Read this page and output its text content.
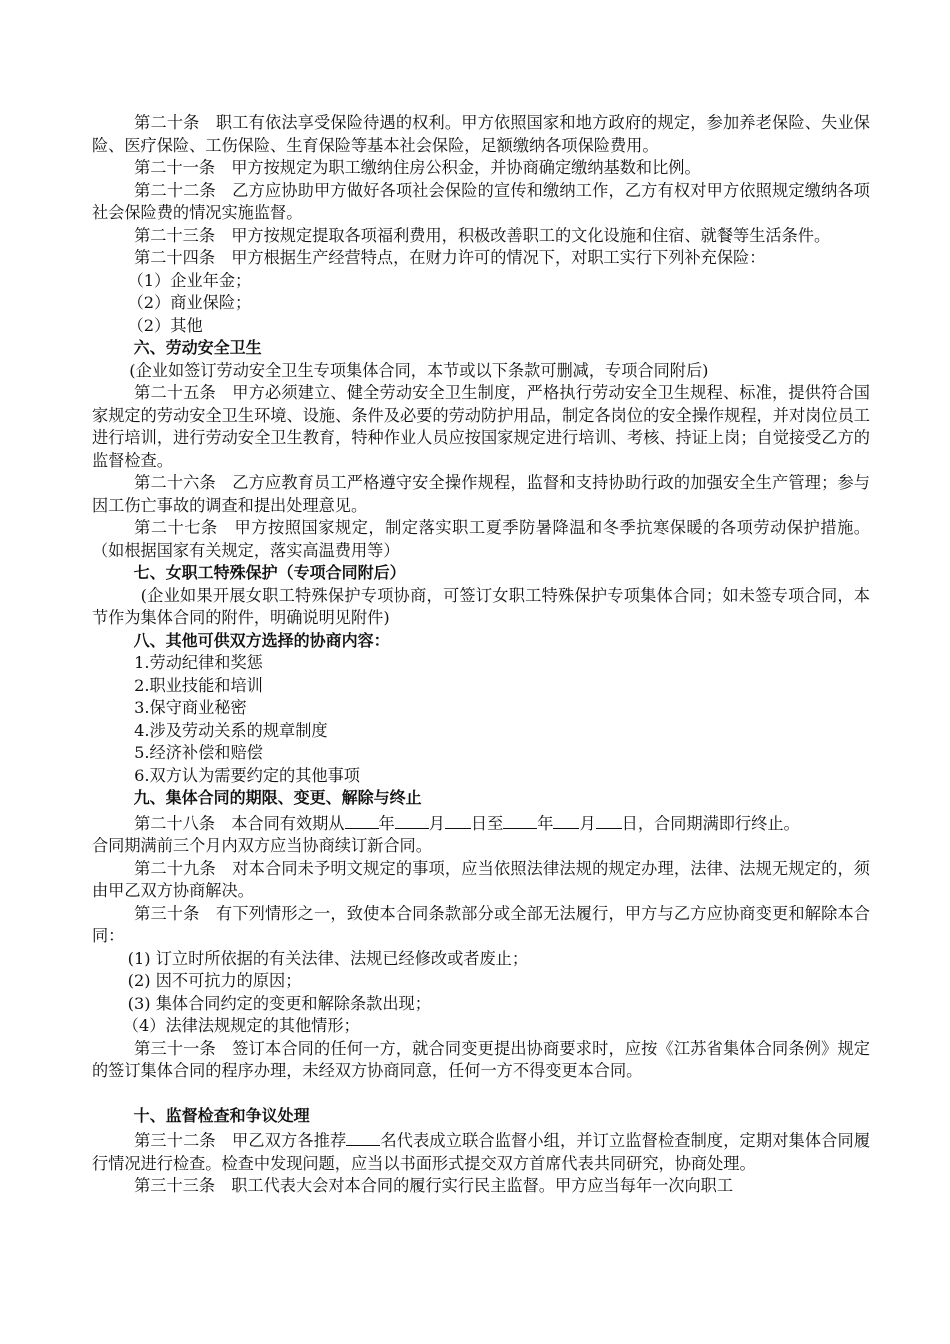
第二十条　职工有依法享受保险待遇的权利。甲方依照国家和地方政府的规定，参加养老保险、失业保险、医疗保险、工伤保险、生育保险等基本社会保险，足额缴纳各项保险费用。

第二十一条　甲方按规定为职工缴纳住房公积金，并协商确定缴纳基数和比例。

第二十二条　乙方应协助甲方做好各项社会保险的宣传和缴纳工作，乙方有权对甲方依照规定缴纳各项社会保险费的情况实施监督。

第二十三条　甲方按规定提取各项福利费用，积极改善职工的文化设施和住宿、就餐等生活条件。

第二十四条　甲方根据生产经营特点，在财力许可的情况下，对职工实行下列补充保险：

（1）企业年金；

（2）商业保险；

（2）其他

六、劳动安全卫生

(企业如签订劳动安全卫生专项集体合同，本节或以下条款可删减，专项合同附后)

第二十五条　甲方必须建立、健全劳动安全卫生制度，严格执行劳动安全卫生规程、标准，提供符合国家规定的劳动安全卫生环境、设施、条件及必要的劳动防护用品，制定各岗位的安全操作规程，并对岗位员工进行培训，进行劳动安全卫生教育，特种作业人员应按国家规定进行培训、考核、持证上岗；自觉接受乙方的监督检查。

第二十六条　乙方应教育员工严格遵守安全操作规程，监督和支持协助行政的加强安全生产管理；参与因工伤亡事故的调查和提出处理意见。

第二十七条　甲方按照国家规定，制定落实职工夏季防暑降温和冬季抗寒保暖的各项劳动保护措施。（如根据国家有关规定，落实高温费用等）

七、女职工特殊保护（专项合同附后）

(企业如果开展女职工特殊保护专项协商，可签订女职工特殊保护专项集体合同；如未签专项合同，本节作为集体合同的附件，明确说明见附件)

八、其他可供双方选择的协商内容：

1.劳动纪律和奖惩

2.职业技能和培训

3.保守商业秘密

4.涉及劳动关系的规章制度

5.经济补偿和赔偿

6.双方认为需要约定的其他事项

九、集体合同的期限、变更、解除与终止

第二十八条　本合同有效期从 年 月 日至 年 月 日，合同期满即行终止。

合同期满前三个月内双方应当协商续订新合同。

第二十九条　对本合同未予明文规定的事项，应当依照法律法规的规定办理，法律、法规无规定的，须由甲乙双方协商解决。

第三十条　有下列情形之一，致使本合同条款部分或全部无法履行，甲方与乙方应协商变更和解除本合同：

(1) 订立时所依据的有关法律、法规已经修改或者废止；

(2) 因不可抗力的原因；

(3) 集体合同约定的变更和解除条款出现；

（4）法律法规规定的其他情形；

第三十一条　签订本合同的任何一方，就合同变更提出协商要求时，应按《江苏省集体合同条例》规定的签订集体合同的程序办理，未经双方协商同意，任何一方不得变更本合同。

十、监督检查和争议处理

第三十二条　甲乙双方各推荐 名代表成立联合监督小组，并订立监督检查制度，定期对集体合同履行情况进行检查。检查中发现问题，应当以书面形式提交双方首席代表共同研究，协商处理。

第三十三条　职工代表大会对本合同的履行实行民主监督。甲方应当每年一次向职工
